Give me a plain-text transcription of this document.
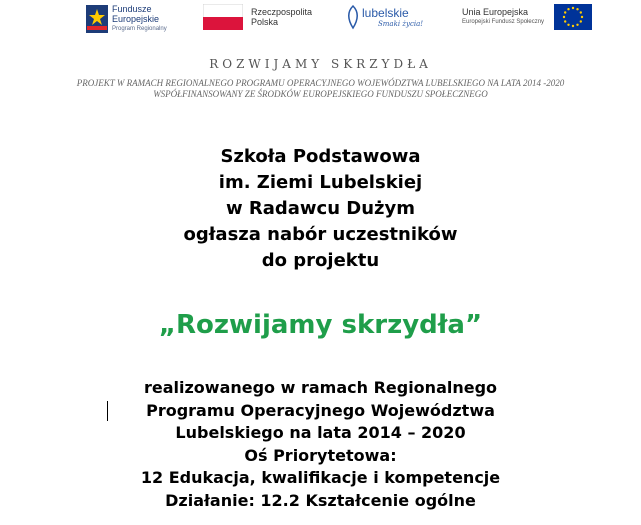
Fundusze
Europejskie
Program Regionalny
Rzeczpospolita
Polska
lubelskie
Smaki życia!
Unia Europejska
Europejski Fundusz Społeczny
ROZWIJAMY SKRZYDŁA
PROJEKT W RAMACH REGIONALNEGO PROGRAMU OPERACYJNEGO WOJEWÓDZTWA LUBELSKIEGO NA LATA 2014 -2020
WSPÓŁFINANSOWANY ZE ŚRODKÓW EUROPEJSKIEGO FUNDUSZU SPOŁECZNEGO
Szkoła Podstawowa
im. Ziemi Lubelskiej
w Radawcu Dużym
ogłasza nabór uczestników
do projektu
„Rozwijamy skrzydła”
realizowanego w ramach Regionalnego
Programu Operacyjnego Województwa
Lubelskiego na lata 2014 – 2020
Oś Priorytetowa:
12 Edukacja, kwalifikacje i kompetencje
Działanie: 12.2 Kształcenie ogólne
